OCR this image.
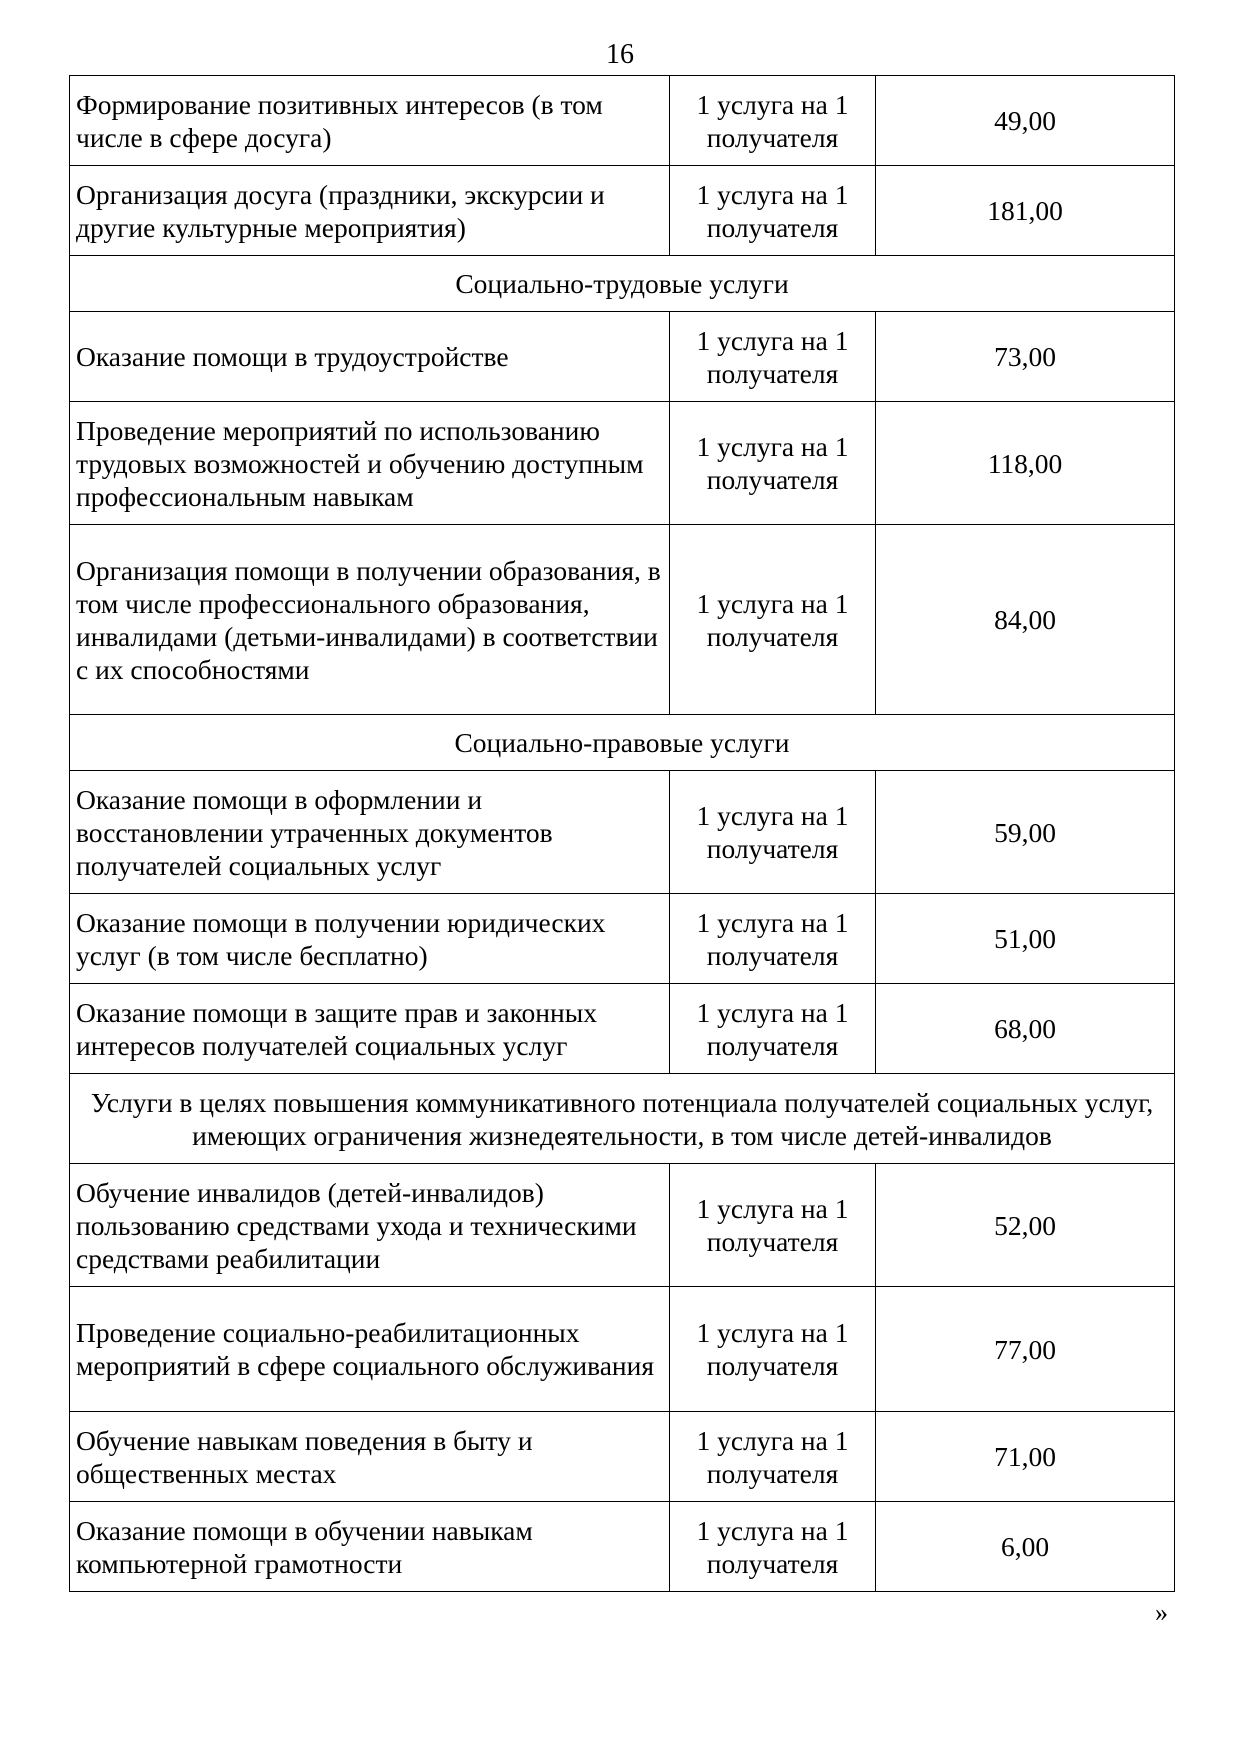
16
Формирование позитивных интересов (в том числе в сфере досуга)	1 услуга на 1 получателя	49,00
Организация досуга (праздники, экскурсии и другие культурные мероприятия)	1 услуга на 1 получателя	181,00
Социально-трудовые услуги		
Оказание помощи в трудоустройстве	1 услуга на 1 получателя	73,00
Проведение мероприятий по использованию трудовых возможностей и обучению доступным профессиональным навыкам	1 услуга на 1 получателя	118,00
Организация помощи в получении образования, в том числе профессионального образования, инвалидами (детьми-инвалидами) в соответствии с их способностями	1 услуга на 1 получателя	84,00
Социально-правовые услуги		
Оказание помощи в оформлении и восстановлении утраченных документов получателей социальных услуг	1 услуга на 1 получателя	59,00
Оказание помощи в получении юридических услуг (в том числе бесплатно)	1 услуга на 1 получателя	51,00
Оказание помощи в защите прав и законных интересов получателей социальных услуг	1 услуга на 1 получателя	68,00
Услуги в целях повышения коммуникативного потенциала получателей социальных услуг, имеющих ограничения жизнедеятельности, в том числе детей-инвалидов		
Обучение инвалидов (детей-инвалидов) пользованию средствами ухода и техническими средствами реабилитации	1 услуга на 1 получателя	52,00
Проведение социально-реабилитационных мероприятий в сфере социального обслуживания	1 услуга на 1 получателя	77,00
Обучение навыкам поведения в быту и общественных местах	1 услуга на 1 получателя	71,00
Оказание помощи в обучении навыкам компьютерной грамотности	1 услуга на 1 получателя	6,00
»
